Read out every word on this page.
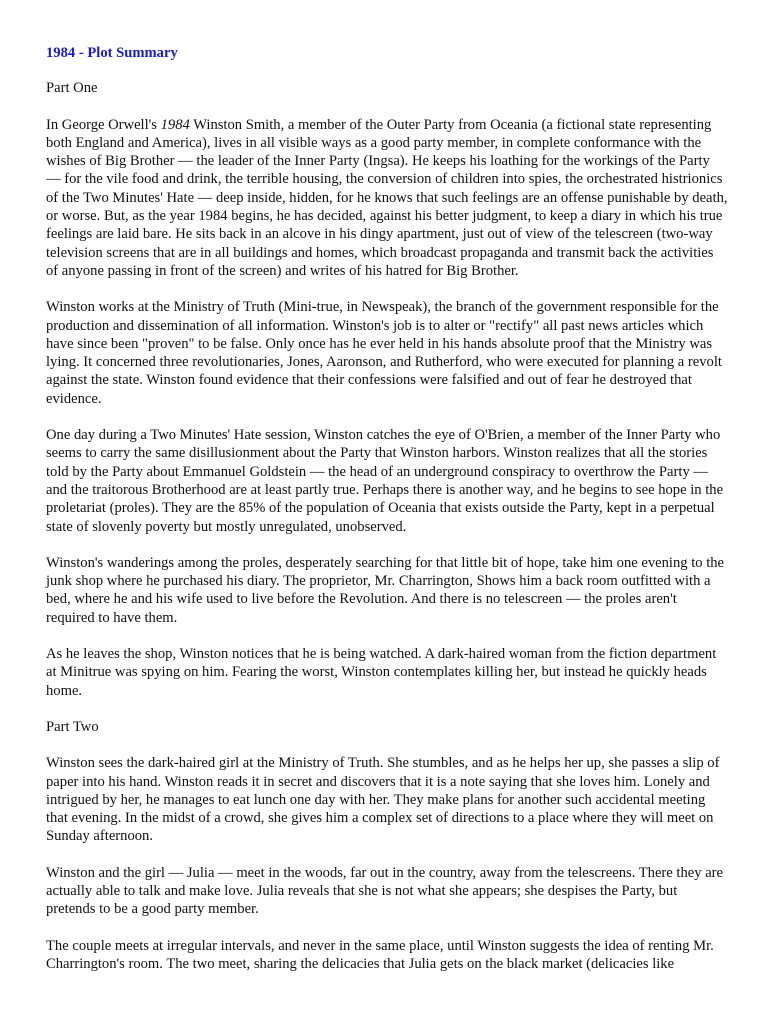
1984 - Plot Summary
Part One

In George Orwell's 1984 Winston Smith, a member of the Outer Party from Oceania (a fictional state representing both England and America), lives in all visible ways as a good party member, in complete conformance with the wishes of Big Brother — the leader of the Inner Party (Ingsa). He keeps his loathing for the workings of the Party — for the vile food and drink, the terrible housing, the conversion of children into spies, the orchestrated histrionics of the Two Minutes' Hate — deep inside, hidden, for he knows that such feelings are an offense punishable by death, or worse. But, as the year 1984 begins, he has decided, against his better judgment, to keep a diary in which his true feelings are laid bare. He sits back in an alcove in his dingy apartment, just out of view of the telescreen (two-way television screens that are in all buildings and homes, which broadcast propaganda and transmit back the activities of anyone passing in front of the screen) and writes of his hatred for Big Brother.

Winston works at the Ministry of Truth (Mini-true, in Newspeak), the branch of the government responsible for the production and dissemination of all information. Winston's job is to alter or "rectify" all past news articles which have since been "proven" to be false. Only once has he ever held in his hands absolute proof that the Ministry was lying. It concerned three revolutionaries, Jones, Aaronson, and Rutherford, who were executed for planning a revolt against the state. Winston found evidence that their confessions were falsified and out of fear he destroyed that evidence.

One day during a Two Minutes' Hate session, Winston catches the eye of O'Brien, a member of the Inner Party who seems to carry the same disillusionment about the Party that Winston harbors. Winston realizes that all the stories told by the Party about Emmanuel Goldstein — the head of an underground conspiracy to overthrow the Party — and the traitorous Brotherhood are at least partly true. Perhaps there is another way, and he begins to see hope in the proletariat (proles). They are the 85% of the population of Oceania that exists outside the Party, kept in a perpetual state of slovenly poverty but mostly unregulated, unobserved.

Winston's wanderings among the proles, desperately searching for that little bit of hope, take him one evening to the junk shop where he purchased his diary. The proprietor, Mr. Charrington, Shows him a back room outfitted with a bed, where he and his wife used to live before the Revolution. And there is no telescreen — the proles aren't required to have them.

As he leaves the shop, Winston notices that he is being watched. A dark-haired woman from the fiction department at Minitrue was spying on him. Fearing the worst, Winston contemplates killing her, but instead he quickly heads home.

Part Two

Winston sees the dark-haired girl at the Ministry of Truth. She stumbles, and as he helps her up, she passes a slip of paper into his hand. Winston reads it in secret and discovers that it is a note saying that she loves him. Lonely and intrigued by her, he manages to eat lunch one day with her. They make plans for another such accidental meeting that evening. In the midst of a crowd, she gives him a complex set of directions to a place where they will meet on Sunday afternoon.

Winston and the girl — Julia — meet in the woods, far out in the country, away from the telescreens. There they are actually able to talk and make love. Julia reveals that she is not what she appears; she despises the Party, but pretends to be a good party member.

The couple meets at irregular intervals, and never in the same place, until Winston suggests the idea of renting Mr. Charrington's room. The two meet, sharing the delicacies that Julia gets on the black market (delicacies like
